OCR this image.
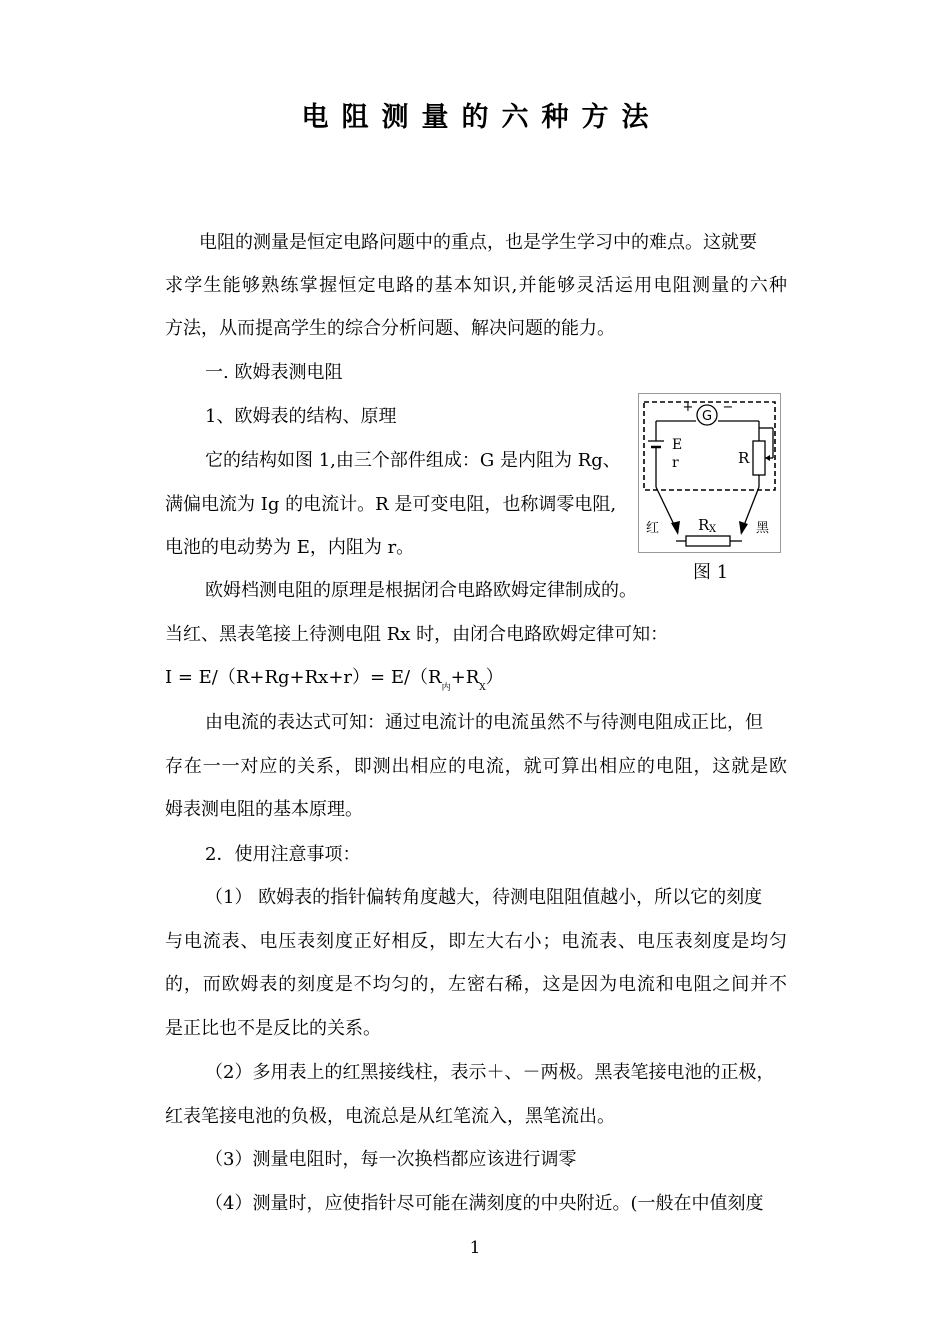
电阻测量的六种方法
电阻的测量是恒定电路问题中的重点，也是学生学习中的难点。这就要
求学生能够熟练掌握恒定电路的基本知识,并能够灵活运用电阻测量的六种
方法，从而提高学生的综合分析问题、解决问题的能力。
一. 欧姆表测电阻
1、欧姆表的结构、原理
它的结构如图 1,由三个部件组成：G 是内阻为 Rg、
满偏电流为 Ig 的电流计。R 是可变电阻，也称调零电阻,
电池的电动势为 E，内阻为 r。
G
+ −
E
r	R
红	黑
R X
图 1
欧姆档测电阻的原理是根据闭合电路欧姆定律制成的。
当红、黑表笔接上待测电阻 Rx 时，由闭合电路欧姆定律可知：
$I = E/(R+Rg+Rx+r)= E/(R_内+R_X)$
由电流的表达式可知：通过电流计的电流虽然不与待测电阻成正比，但
存在一一对应的关系，即测出相应的电流，就可算出相应的电阻，这就是欧
姆表测电阻的基本原理。
2．使用注意事项：
（1） 欧姆表的指针偏转角度越大，待测电阻阻值越小，所以它的刻度
与电流表、电压表刻度正好相反，即左大右小；电流表、电压表刻度是均匀
的，而欧姆表的刻度是不均匀的，左密右稀，这是因为电流和电阻之间并不
是正比也不是反比的关系。
（2）多用表上的红黑接线柱，表示＋、－两极。黑表笔接电池的正极，
红表笔接电池的负极，电流总是从红笔流入，黑笔流出。
（3）测量电阻时，每一次换档都应该进行调零
（4）测量时，应使指针尽可能在满刻度的中央附近。(一般在中值刻度
1
